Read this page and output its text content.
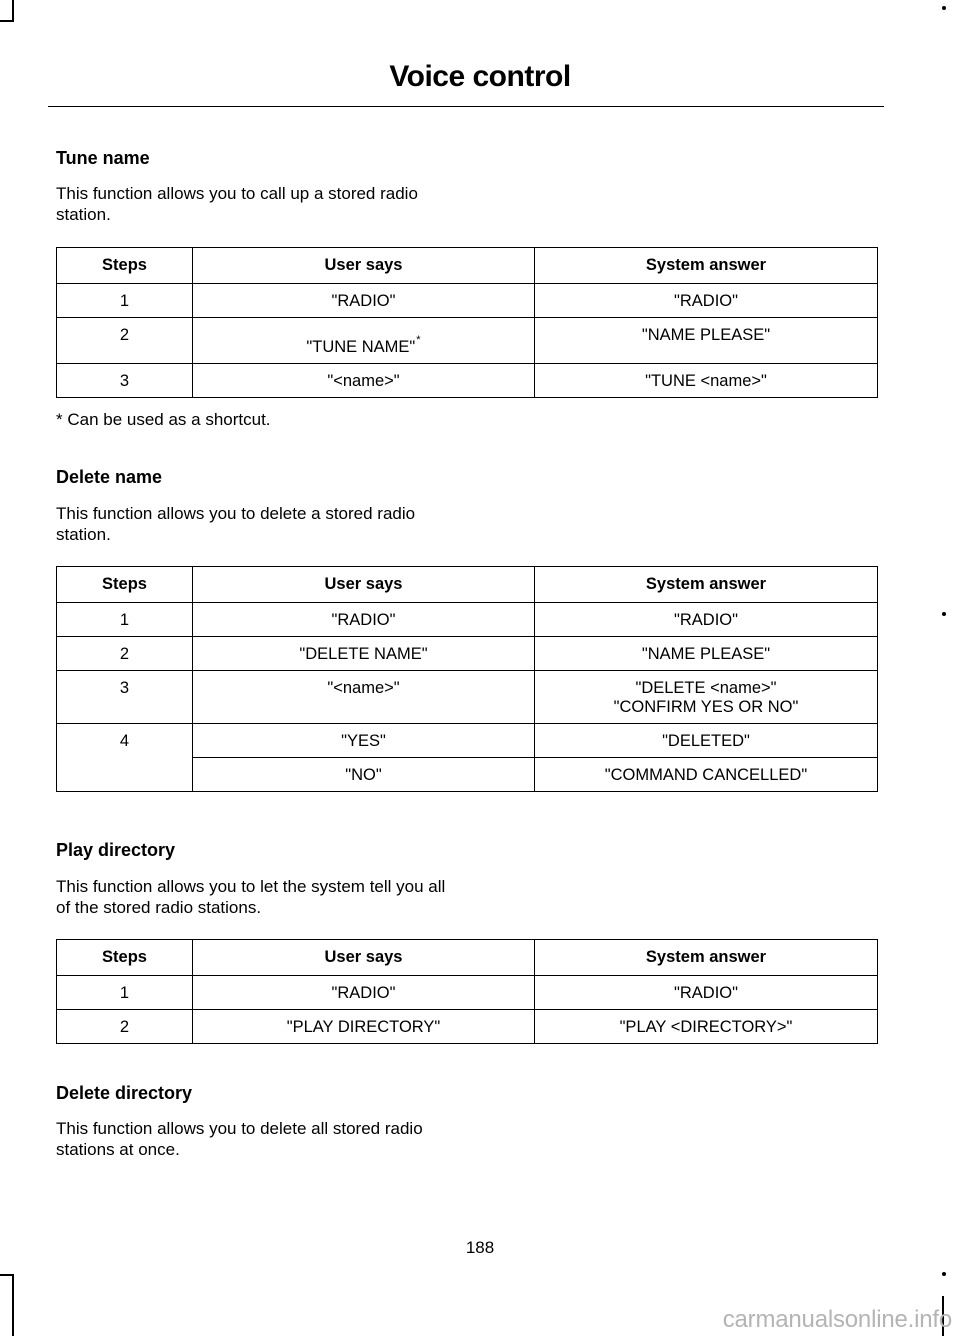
Voice control
Tune name
This function allows you to call up a stored radio station.
Steps	User says	System answer
1	"RADIO"	"RADIO"
2	"TUNE NAME"*	"NAME PLEASE"
3	"<name>"	"TUNE <name>"
* Can be used as a shortcut.
Delete name
This function allows you to delete a stored radio station.
Steps	User says	System answer
1	"RADIO"	"RADIO"
2	"DELETE NAME"	"NAME PLEASE"
3	"<name>"	"DELETE <name>"
"CONFIRM YES OR NO"

4	"YES"	"DELETED"
	"NO"	"COMMAND CANCELLED"
Play directory
This function allows you to let the system tell you all of the stored radio stations.
Steps	User says	System answer
1	"RADIO"	"RADIO"
2	"PLAY DIRECTORY"	"PLAY <DIRECTORY>"
Delete directory
This function allows you to delete all stored radio stations at once.
188
carmanualsonline.info
